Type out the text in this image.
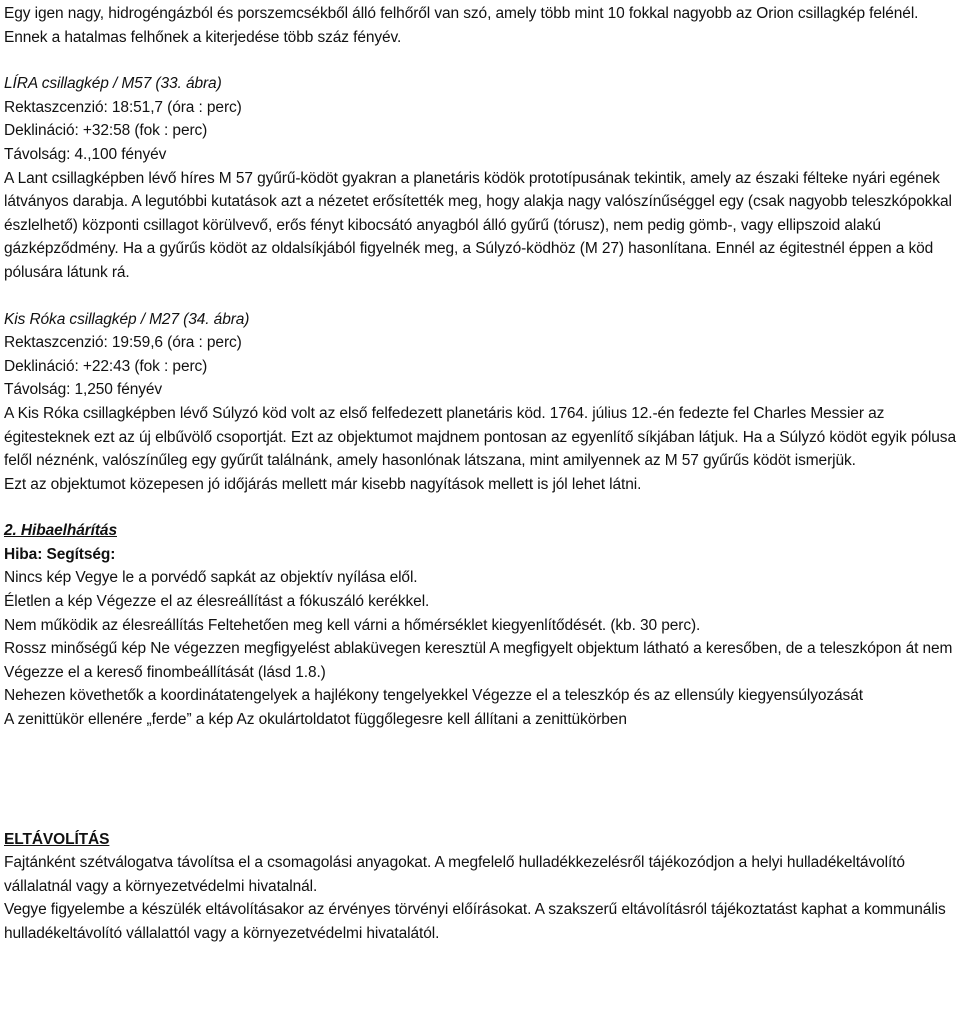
Egy igen nagy, hidrogéngázból és porszemcsékből álló felhőről van szó, amely több mint 10 fokkal nagyobb az Orion csillagkép felénél. Ennek a hatalmas felhőnek a kiterjedése több száz fényév.

LÍRA csillagkép / M57 (33. ábra)

Rektaszcenzió: 18:51,7 (óra : perc)

Deklináció: +32:58 (fok : perc)

Távolság: 4.,100 fényév

A Lant csillagképben lévő híres M 57 gyűrű-ködöt gyakran a planetáris ködök prototípusának tekintik, amely az északi félteke nyári egének látványos darabja. A legutóbbi kutatások azt a nézetet erősítették meg, hogy alakja nagy valószínűséggel egy (csak nagyobb teleszkópokkal észlelhető) központi csillagot körülvevő, erős fényt kibocsátó anyagból álló gyűrű (tórusz), nem pedig gömb-, vagy ellipszoid alakú gázképződmény. Ha a gyűrűs ködöt az oldalsíkjából figyelnék meg, a Súlyzó-ködhöz (M 27) hasonlítana. Ennél az égitestnél éppen a köd pólusára látunk rá.

Kis Róka csillagkép / M27 (34. ábra)

Rektaszcenzió: 19:59,6 (óra : perc)

Deklináció: +22:43 (fok : perc)

Távolság: 1,250 fényév

A Kis Róka csillagképben lévő Súlyzó köd volt az első felfedezett planetáris köd. 1764. július 12.-én fedezte fel Charles Messier az égitesteknek ezt az új elbűvölő csoportját. Ezt az objektumot majdnem pontosan az egyenlítő síkjában látjuk. Ha a Súlyzó ködöt egyik pólusa felől néznénk, valószínűleg egy gyűrűt találnánk, amely hasonlónak látszana, mint amilyennek az M 57 gyűrűs ködöt ismerjük.

Ezt az objektumot közepesen jó időjárás mellett már kisebb nagyítások mellett is jól lehet látni.

2. Hibaelhárítás

Hiba: Segítség:

Nincs kép Vegye le a porvédő sapkát az objektív nyílása elől.

Életlen a kép Végezze el az élesreállítást a fókuszáló kerékkel.

Nem működik az élesreállítás Feltehetően meg kell várni a hőmérséklet kiegyenlítődését. (kb. 30 perc).

Rossz minőségű kép Ne végezzen megfigyelést ablaküvegen keresztül A megfigyelt objektum látható a keresőben, de a teleszkópon át nem Végezze el a kereső finombeállítását (lásd 1.8.)

Nehezen követhetők a koordinátatengelyek a hajlékony tengelyekkel Végezze el a teleszkóp és az ellensúly kiegyensúlyozását

A zenittükör ellenére „ferde” a kép Az okulártoldatot függőlegesre kell állítani a zenittükörben

ELTÁVOLÍTÁS

Fajtánként szétválogatva távolítsa el a csomagolási anyagokat. A megfelelő hulladékkezelésről tájékozódjon a helyi hulladékeltávolító vállalatnál vagy a környezetvédelmi hivatalnál.

Vegye figyelembe a készülék eltávolításakor az érvényes törvényi előírásokat. A szakszerű eltávolításról tájékoztatást kaphat a kommunális hulladékeltávolító vállalattól vagy a környezetvédelmi hivatalától.
